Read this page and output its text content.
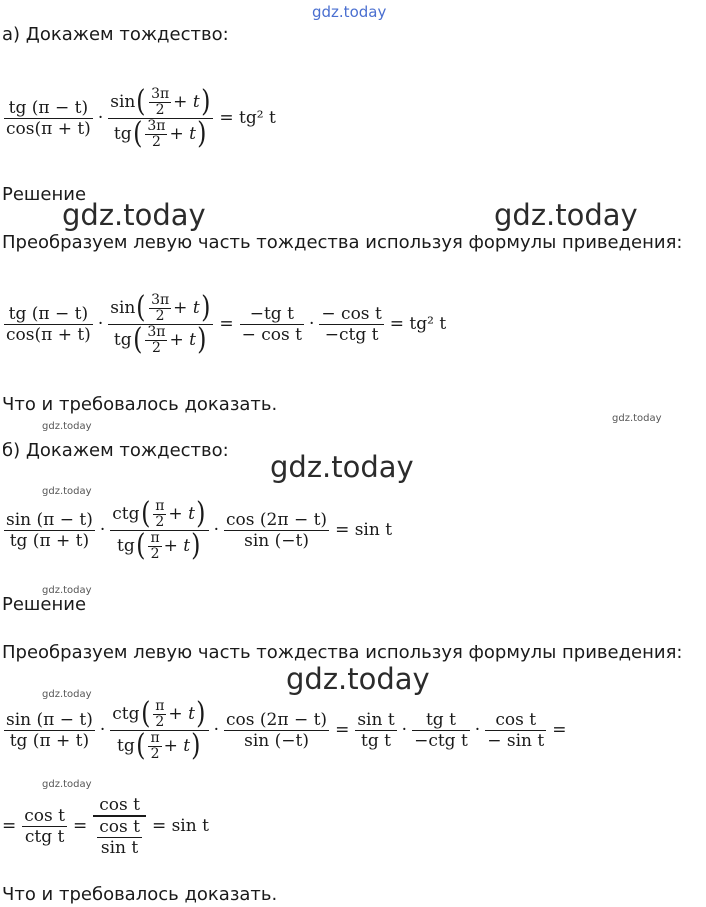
gdz.today
gdz.today	gdz.today
gdz.today
gdz.today
gdz.today
gdz.today
gdz.today
gdz.today
gdz.today
gdz.today
а) Докажем тождество:
$\frac{tg (\pi - t)}{\cos(\pi + t)} \cdot \frac{\sin ( \frac{3\pi}{2} + t )}{tg ( \frac{3\pi}{2} + t )} = tg^2$ t
Решение
Преобразуем левую часть тождества используя формулы приведения:
$\frac{tg (\pi - t)}{\cos(\pi + t)} \cdot \frac{\sin ( \frac{3\pi}{2} + t )}{tg ( \frac{3\pi}{2} + t )} = \frac{\text{−tg t}}{\text{− cos t}} \cdot \frac{\text{− cos t}}{\text{−ctg t}} = tg^2$ t
Что и требовалось доказать.
б) Докажем тождество:
$\frac{\sin (\pi - t)}{tg (\pi + t)} \cdot \frac{ctg ( \frac{\pi}{2} + t )}{tg ( \frac{\pi}{2} + t )} \cdot \frac{\cos (2\pi - t)}{\sin (-t)} = \sin t$
Решение
Преобразуем левую часть тождества используя формулы приведения:
$\frac{\sin (\pi - t)}{tg (\pi + t)} \cdot \frac{ctg ( \frac{\pi}{2} + t )}{tg ( \frac{\pi}{2} + t )} \cdot \frac{\cos (2\pi - t)}{\sin (-t)} = \frac{\text{sin t}}{\text{tg t}} \cdot \frac{\text{tg t}}{\text{−ctg t}} \cdot \frac{\text{cos t}}{\text{− sin t}}$ =
= $\frac{\text{cos t}}{\text{ctg t}} = \frac{\text{cos t}}{\frac{\text{cos t}}{\text{sin t}}} = \sin t$
Что и требовалось доказать.
